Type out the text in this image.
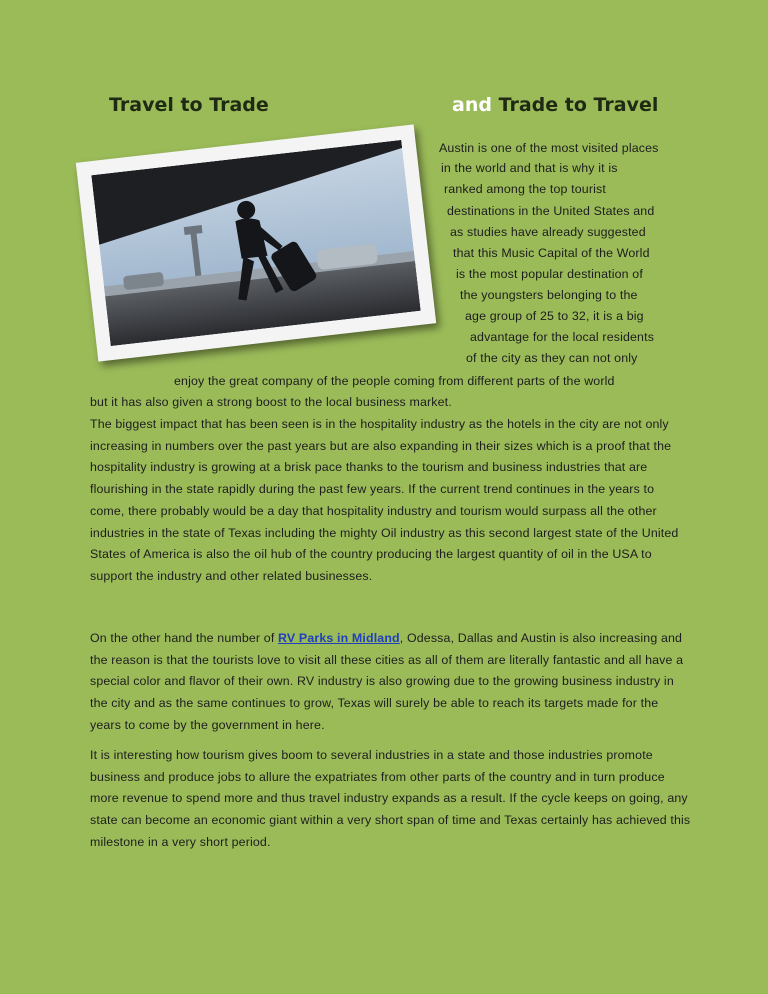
Travel to Trade	and Trade to Travel
Austin is one of the most visited places
in the world and that is why it is
ranked among the top tourist
destinations in the United States and
as studies have already suggested
that this Music Capital of the World
is the most popular destination of
the youngsters belonging to the
age group of 25 to 32, it is a big
advantage for the local residents
of the city as they can not only
enjoy the great company of the people coming from different parts of the world
but it has also given a strong boost to the local business market.

The biggest impact that has been seen is in the hospitality industry as the hotels in the city are not only increasing in numbers over the past years but are also expanding in their sizes which is a proof that the hospitality industry is growing at a brisk pace thanks to the tourism and business industries that are flourishing in the state rapidly during the past few years. If the current trend continues in the years to come, there probably would be a day that hospitality industry and tourism would surpass all the other industries in the state of Texas including the mighty Oil industry as this second largest state of the United States of America is also the oil hub of the country producing the largest quantity of oil in the USA to support the industry and other related businesses.

On the other hand the number of RV Parks in Midland, Odessa, Dallas and Austin is also increasing and the reason is that the tourists love to visit all these cities as all of them are literally fantastic and all have a special color and flavor of their own. RV industry is also growing due to the growing business industry in the city and as the same continues to grow, Texas will surely be able to reach its targets made for the years to come by the government in here.

It is interesting how tourism gives boom to several industries in a state and those industries promote business and produce jobs to allure the expatriates from other parts of the country and in turn produce more revenue to spend more and thus travel industry expands as a result. If the cycle keeps on going, any state can become an economic giant within a very short span of time and Texas certainly has achieved this milestone in a very short period.
